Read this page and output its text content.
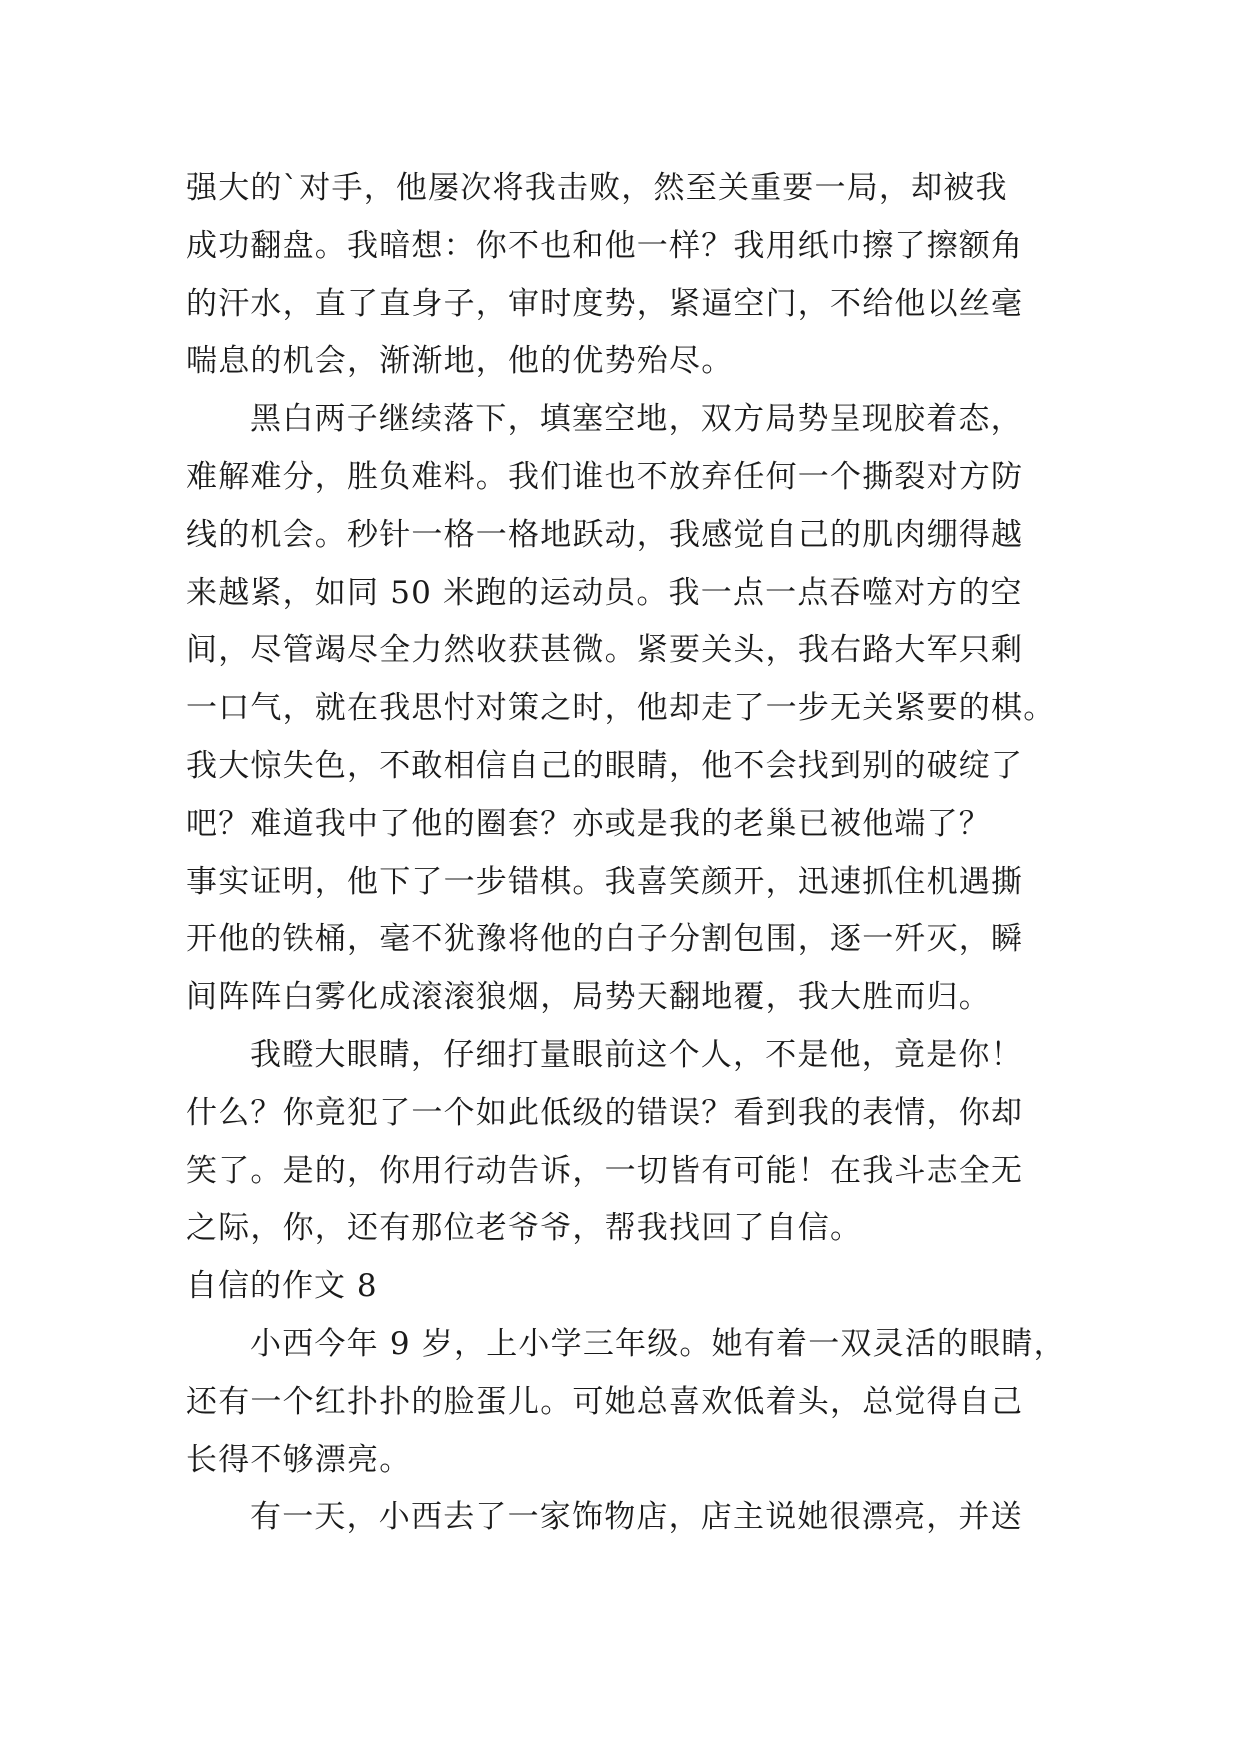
强大的`对手，他屡次将我击败，然至关重要一局，却被我
成功翻盘。我暗想：你不也和他一样？我用纸巾擦了擦额角
的汗水，直了直身子，审时度势，紧逼空门，不给他以丝毫
喘息的机会，渐渐地，他的优势殆尽。
黑白两子继续落下，填塞空地，双方局势呈现胶着态，
难解难分，胜负难料。我们谁也不放弃任何一个撕裂对方防
线的机会。秒针一格一格地跃动，我感觉自己的肌肉绷得越
来越紧，如同 50 米跑的运动员。我一点一点吞噬对方的空
间，尽管竭尽全力然收获甚微。紧要关头，我右路大军只剩
一口气，就在我思忖对策之时，他却走了一步无关紧要的棋。
我大惊失色，不敢相信自己的眼睛，他不会找到别的破绽了
吧？难道我中了他的圈套？亦或是我的老巢已被他端了？
事实证明，他下了一步错棋。我喜笑颜开，迅速抓住机遇撕
开他的铁桶，毫不犹豫将他的白子分割包围，逐一歼灭，瞬
间阵阵白雾化成滚滚狼烟，局势天翻地覆，我大胜而归。
我瞪大眼睛，仔细打量眼前这个人，不是他，竟是你！
什么？你竟犯了一个如此低级的错误？看到我的表情，你却
笑了。是的，你用行动告诉，一切皆有可能！在我斗志全无
之际，你，还有那位老爷爷，帮我找回了自信。
自信的作文 8
小西今年 9 岁，上小学三年级。她有着一双灵活的眼睛，
还有一个红扑扑的脸蛋儿。可她总喜欢低着头，总觉得自己
长得不够漂亮。
有一天，小西去了一家饰物店，店主说她很漂亮，并送
